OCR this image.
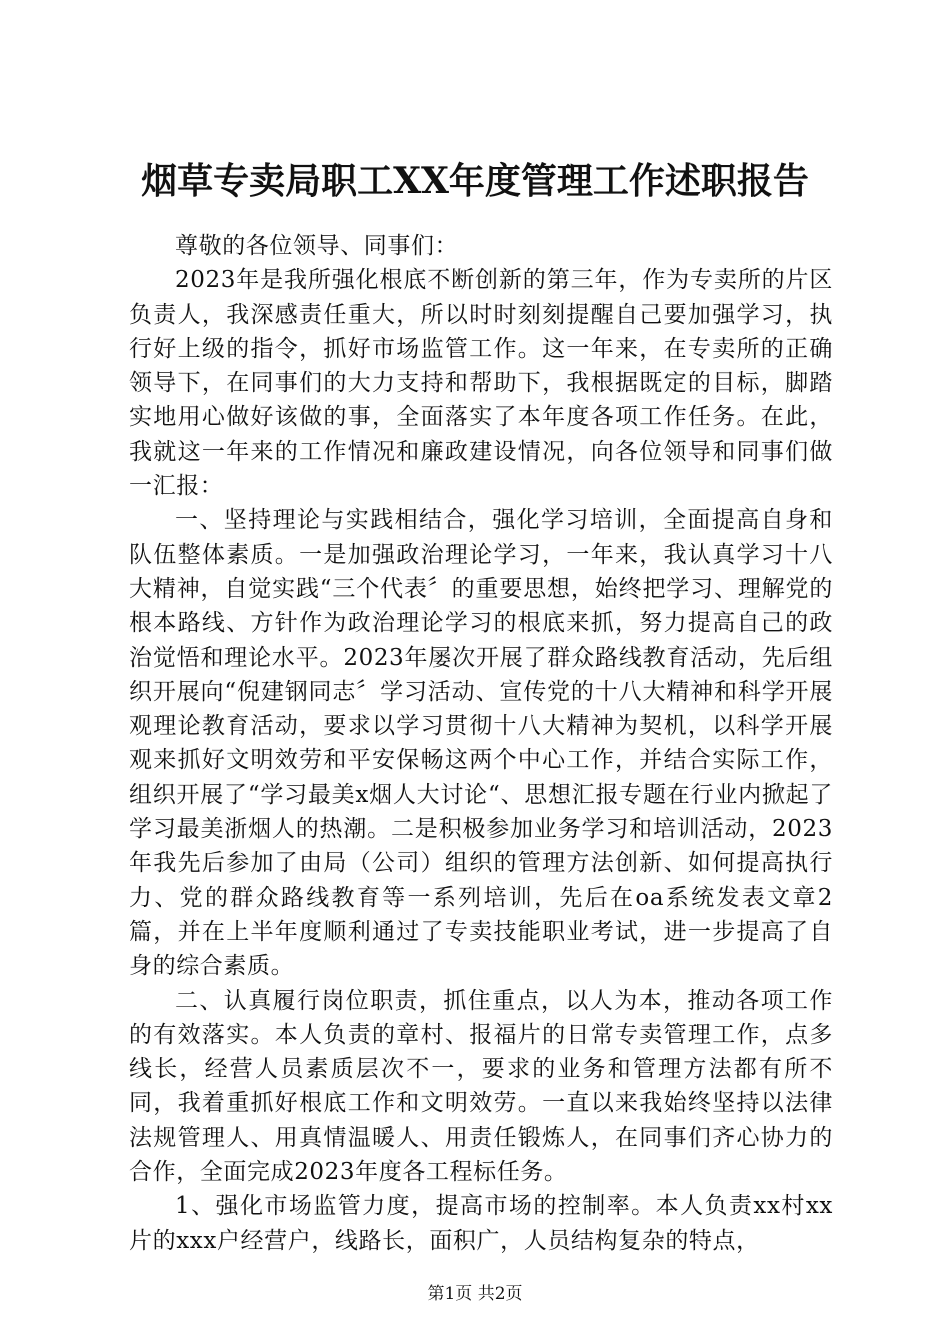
烟草专卖局职工XX年度管理工作述职报告

尊敬的各位领导、同事们：

2023年是我所强化根底不断创新的第三年，作为专卖所的片区负责人，我深感责任重大，所以时时刻刻提醒自己要加强学习，执行好上级的指令，抓好市场监管工作。这一年来，在专卖所的正确领导下，在同事们的大力支持和帮助下，我根据既定的目标，脚踏实地用心做好该做的事，全面落实了本年度各项工作任务。在此，我就这一年来的工作情况和廉政建设情况，向各位领导和同事们做一汇报：

一、坚持理论与实践相结合，强化学习培训，全面提高自身和队伍整体素质。一是加强政治理论学习，一年来，我认真学习十八大精神，自觉实践“三个代表〞的重要思想，始终把学习、理解党的根本路线、方针作为政治理论学习的根底来抓，努力提高自己的政治觉悟和理论水平。2023年屡次开展了群众路线教育活动，先后组织开展向“倪建钢同志〞学习活动、宣传党的十八大精神和科学开展观理论教育活动，要求以学习贯彻十八大精神为契机，以科学开展观来抓好文明效劳和平安保畅这两个中心工作，并结合实际工作，组织开展了“学习最美x烟人大讨论“、思想汇报专题在行业内掀起了学习最美浙烟人的热潮。二是积极参加业务学习和培训活动，2023年我先后参加了由局（公司）组织的管理方法创新、如何提高执行力、党的群众路线教育等一系列培训，先后在oa系统发表文章2篇，并在上半年度顺利通过了专卖技能职业考试，进一步提高了自身的综合素质。

二、认真履行岗位职责，抓住重点，以人为本，推动各项工作的有效落实。本人负责的章村、报福片的日常专卖管理工作，点多线长，经营人员素质层次不一，要求的业务和管理方法都有所不同，我着重抓好根底工作和文明效劳。一直以来我始终坚持以法律法规管理人、用真情温暖人、用责任锻炼人，在同事们齐心协力的合作，全面完成2023年度各工程标任务。

1、强化市场监管力度，提高市场的控制率。本人负责xx村xx片的xxx户经营户，线路长，面积广，人员结构复杂的特点，

第1页 共2页
